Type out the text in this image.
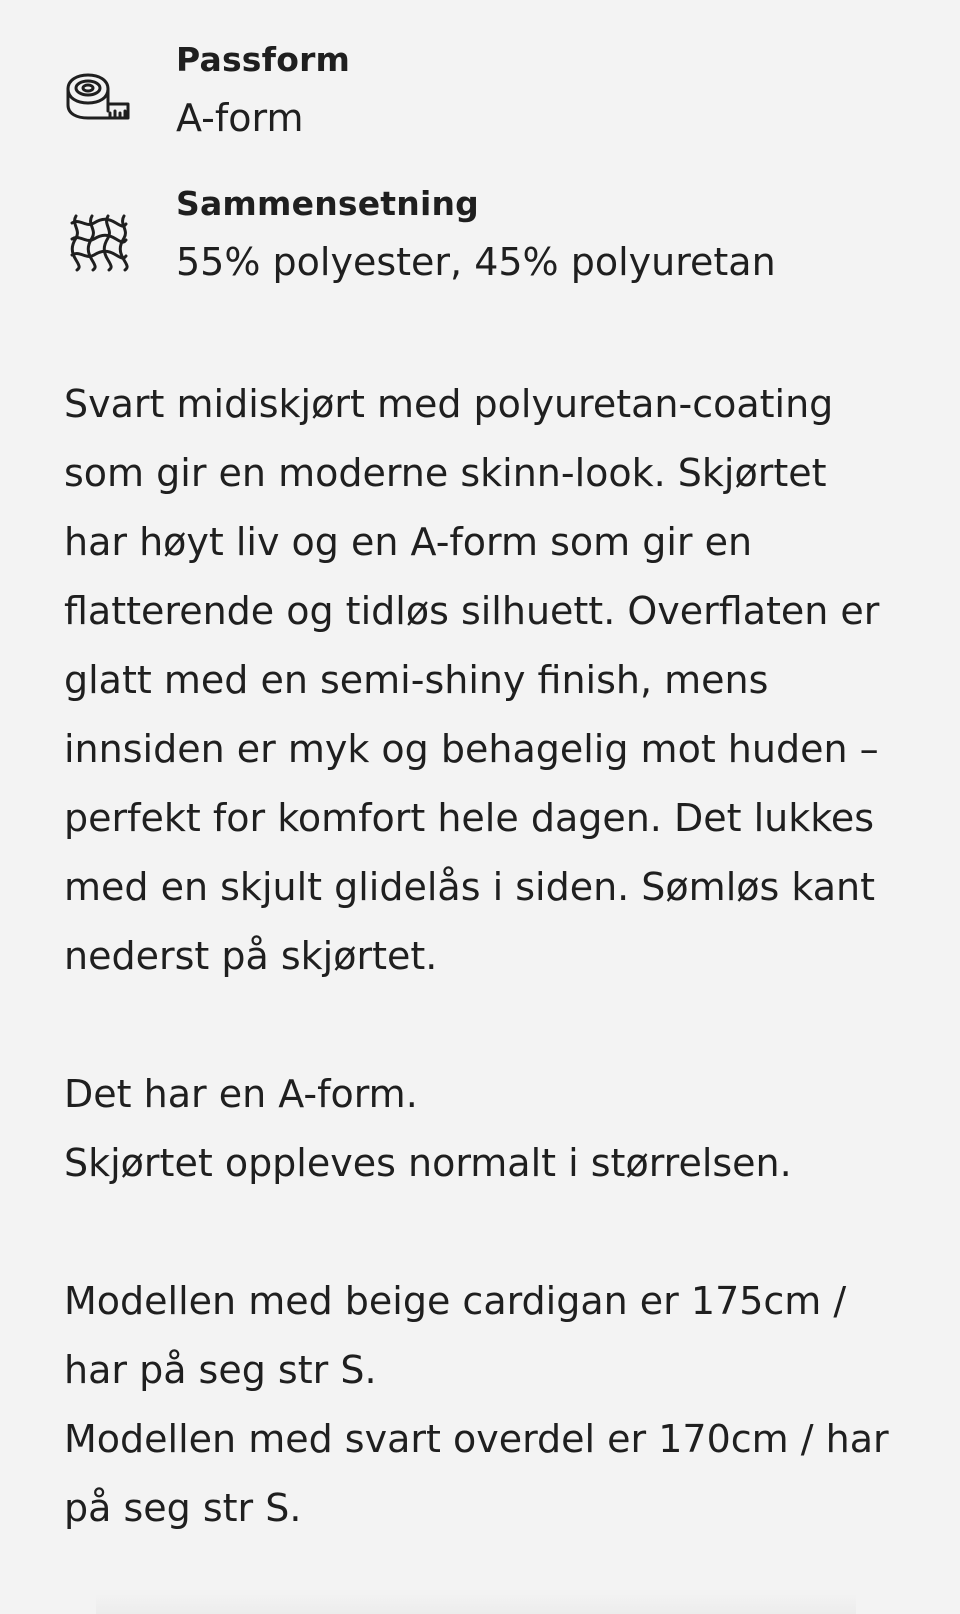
Passform
A-form
Sammensetning
55% polyester, 45% polyuretan

Svart midiskjørt med polyuretan-coating
som gir en moderne skinn-look. Skjørtet
har høyt liv og en A-form som gir en
flatterende og tidløs silhuett. Overflaten er
glatt med en semi-shiny finish, mens
innsiden er myk og behagelig mot huden –
perfekt for komfort hele dagen. Det lukkes
med en skjult glidelås i siden. Sømløs kant
nederst på skjørtet.

Det har en A-form.
Skjørtet oppleves normalt i størrelsen.

Modellen med beige cardigan er 175cm /
har på seg str S.
Modellen med svart overdel er 170cm / har
på seg str S.
